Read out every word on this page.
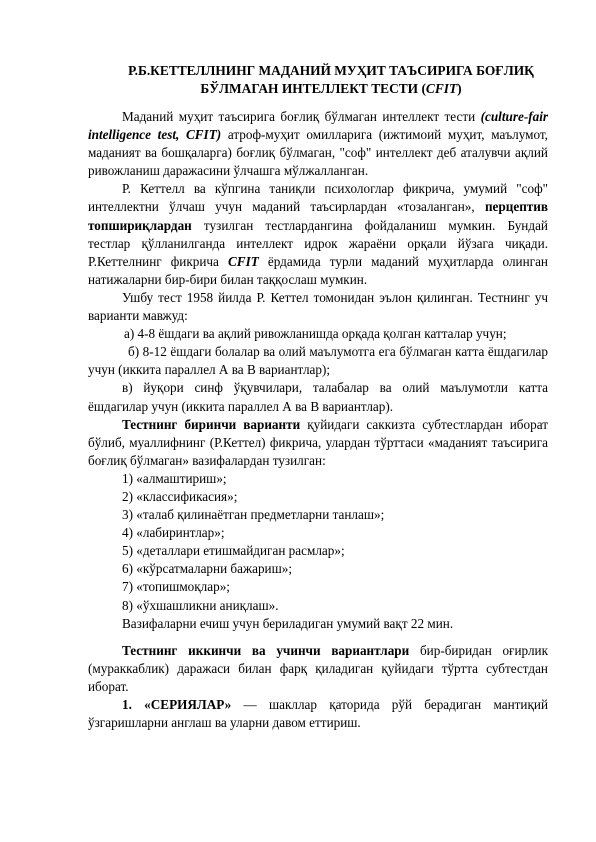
Р.Б.КЕТТЕЛЛНИНГ МАДАНИЙ МУҲИТ ТАЪСИРИГА БОҒЛИҚ
БЎЛМАГАН ИНТЕЛЛЕКТ ТЕСТИ (CFIT)

Маданий муҳит таъсирига боғлиқ бўлмаган интеллект тести (culture-fair intelligence test, CFIT) атроф-муҳит омилларига (ижтимоий муҳит, маълумот, маданият ва бошқаларга) боғлиқ бўлмаган, "соф" интеллект деб аталувчи ақлий ривожланиш даражасини ўлчашга мўлжалланган.

Р. Кеттелл ва кўпгина таниқли психологлар фикрича, умумий "соф" интеллектни ўлчаш учун маданий таъсирлардан «тозаланган», перцептив топшириқлардан тузилган тестлардангина фойдаланиш мумкин. Бундай тестлар қўлланилганда интеллект идрок жараёни орқали йўзага чиқади. Р.Кеттелнинг фикрича CFIT ёрдамида турли маданий муҳитларда олинган натижаларни бир-бири билан таққослаш мумкин.

Ушбу тест 1958 йилда Р. Кеттел томонидан эълон қилинган. Тестнинг уч варианти мавжуд:

а) 4-8 ёшдаги ва ақлий ривожланишда орқада қолган катталар учун;

б) 8-12 ёшдаги болалар ва олий маълумотга ега бўлмаган катта ёшдагилар учун (иккита параллел А ва В вариантлар);

в) йуқори синф ўқувчилари, талабалар ва олий маълумотли катта ёшдагилар учун (иккита параллел А ва В вариантлар).

Тестнинг биринчи варианти қуйидаги саккизта субтестлардан иборат бўлиб, муаллифнинг (Р.Кеттел) фикрича, улардан тўрттаси «маданият таъсирига боғлиқ бўлмаган» вазифалардан тузилган:

1) «алмаштириш»;
2) «классификасия»;
3) «талаб қилинаётган предметларни танлаш»;
4) «лабиринтлар»;
5) «деталлари етишмайдиган расмлар»;
6) «кўрсатмаларни бажариш»;
7) «топишмоқлар»;
8) «ўхшашликни аниқлаш».
Вазифаларни ечиш учун бериладиган умумий вақт 22 мин.

Тестнинг иккинчи ва учинчи вариантлари бир-биридан оғирлик (мураккаблик) даражаси билан фарқ қиладиган қуйидаги тўртта субтестдан иборат.

1. «СЕРИЯЛАР» — шакллар қаторида рўй берадиган мантиқий ўзгаришларни англаш ва уларни давом еттириш.
